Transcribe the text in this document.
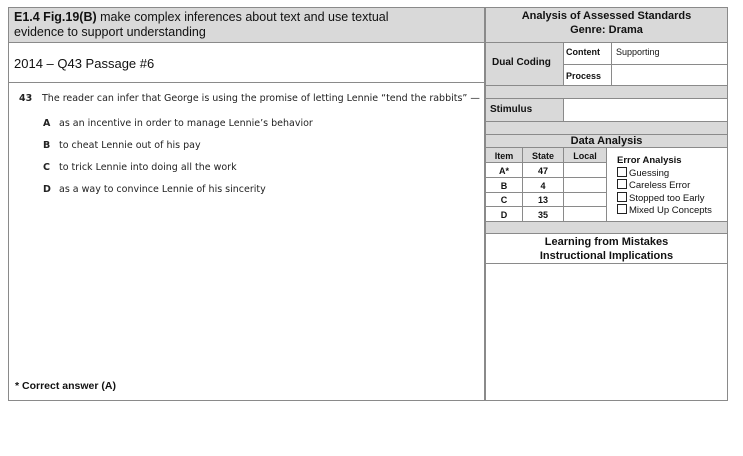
E1.4 Fig.19(B) make complex inferences about text and use textual
evidence to support understanding
2014 – Q43 Passage #6
43 The reader can infer that George is using the promise of letting Lennie “tend the rabbits” —
A as an incentive in order to manage Lennie’s behavior
B to cheat Lennie out of his pay
C to trick Lennie into doing all the work
D as a way to convince Lennie of his sincerity
* Correct answer (A)
Analysis of Assessed Standards
Genre: Drama
Dual Coding
Content Supporting
Process
Stimulus
Data Analysis
Item	State	Local
A*	47
B	4
C	13
D	35
Error Analysis
Guessing
Careless Error
Stopped too Early
Mixed Up Concepts
Learning from Mistakes
Instructional Implications
